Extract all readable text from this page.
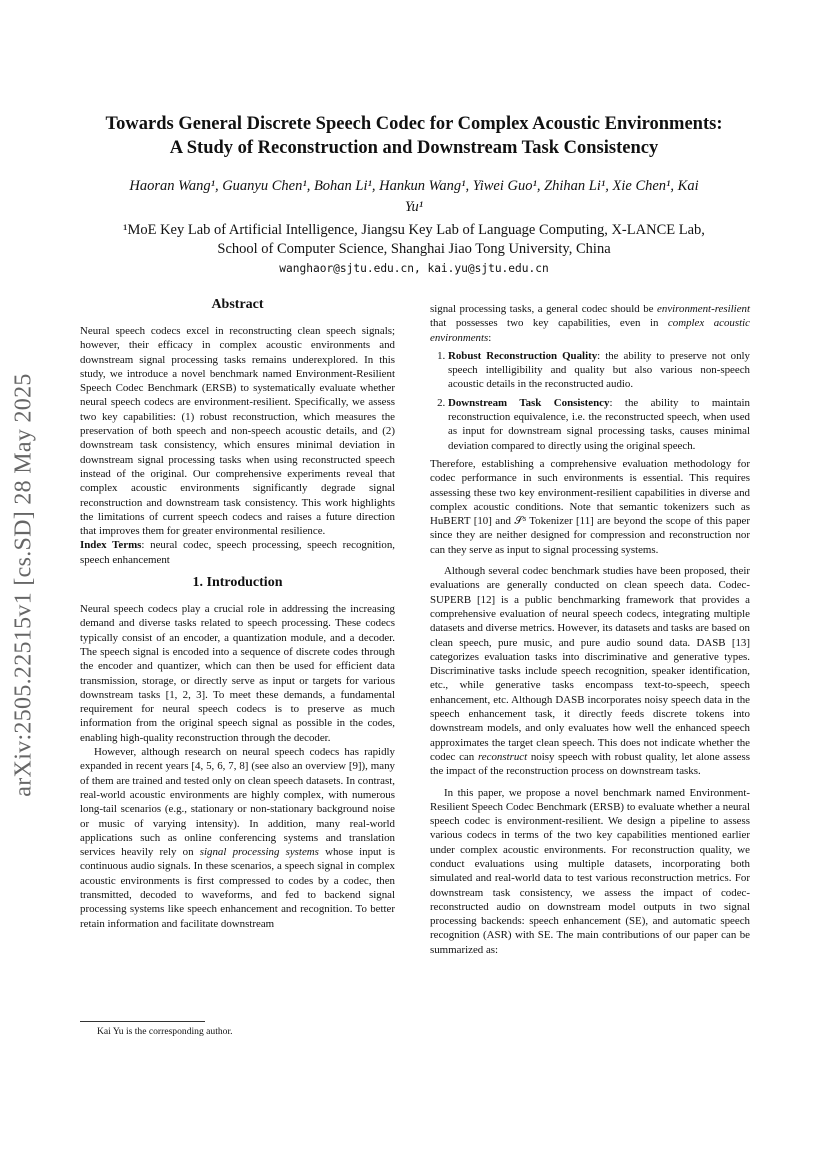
arXiv:2505.22515v1 [cs.SD] 28 May 2025
Towards General Discrete Speech Codec for Complex Acoustic Environments:
A Study of Reconstruction and Downstream Task Consistency
Haoran Wang¹, Guanyu Chen¹, Bohan Li¹, Hankun Wang¹, Yiwei Guo¹, Zhihan Li¹, Xie Chen¹, Kai
Yu¹
¹MoE Key Lab of Artificial Intelligence, Jiangsu Key Lab of Language Computing, X-LANCE Lab,
School of Computer Science, Shanghai Jiao Tong University, China
wanghaor@sjtu.edu.cn, kai.yu@sjtu.edu.cn
Abstract

Neural speech codecs excel in reconstructing clean speech signals; however, their efficacy in complex acoustic environments and downstream signal processing tasks remains underexplored. In this study, we introduce a novel benchmark named Environment-Resilient Speech Codec Benchmark (ERSB) to systematically evaluate whether neural speech codecs are environment-resilient. Specifically, we assess two key capabilities: (1) robust reconstruction, which measures the preservation of both speech and non-speech acoustic details, and (2) downstream task consistency, which ensures minimal deviation in downstream signal processing tasks when using reconstructed speech instead of the original. Our comprehensive experiments reveal that complex acoustic environments significantly degrade signal reconstruction and downstream task consistency. This work highlights the limitations of current speech codecs and raises a future direction that improves them for greater environmental resilience.

Index Terms: neural codec, speech processing, speech recognition, speech enhancement

1. Introduction

Neural speech codecs play a crucial role in addressing the increasing demand and diverse tasks related to speech processing. These codecs typically consist of an encoder, a quantization module, and a decoder. The speech signal is encoded into a sequence of discrete codes through the encoder and quantizer, which can then be used for efficient data transmission, storage, or directly serve as input or targets for various downstream tasks [1, 2, 3]. To meet these demands, a fundamental requirement for neural speech codecs is to preserve as much information from the original speech signal as possible in the codes, enabling high-quality reconstruction through the decoder.

However, although research on neural speech codecs has rapidly expanded in recent years [4, 5, 6, 7, 8] (see also an overview [9]), many of them are trained and tested only on clean speech datasets. In contrast, real-world acoustic environments are highly complex, with numerous long-tail scenarios (e.g., stationary or non-stationary background noise or music of varying intensity). In addition, many real-world applications such as online conferencing systems and translation services heavily rely on signal processing systems whose input is continuous audio signals. In these scenarios, a speech signal in complex acoustic environments is first compressed to codes by a codec, then transmitted, decoded to waveforms, and fed to backend signal processing systems like speech enhancement and recognition. To better retain information and facilitate downstream

signal processing tasks, a general codec should be environment-resilient that possesses two key capabilities, even in complex acoustic environments:

1. Robust Reconstruction Quality: the ability to preserve not only speech intelligibility and quality but also various non-speech acoustic details in the reconstructed audio.
2. Downstream Task Consistency: the ability to maintain reconstruction equivalence, i.e. the reconstructed speech, when used as input for downstream signal processing tasks, causes minimal deviation compared to directly using the original speech.

Therefore, establishing a comprehensive evaluation methodology for codec performance in such environments is essential. This requires assessing these two key environment-resilient capabilities in diverse and complex acoustic conditions. Note that semantic tokenizers such as HuBERT [10] and 𝒮³ Tokenizer [11] are beyond the scope of this paper since they are neither designed for compression and reconstruction nor can they serve as input to signal processing systems.

Although several codec benchmark studies have been proposed, their evaluations are generally conducted on clean speech data. Codec-SUPERB [12] is a public benchmarking framework that provides a comprehensive evaluation of neural speech codecs, integrating multiple datasets and diverse metrics. However, its datasets and tasks are based on clean speech, pure music, and pure audio sound data. DASB [13] categorizes evaluation tasks into discriminative and generative types. Discriminative tasks include speech recognition, speaker identification, etc., while generative tasks encompass text-to-speech, speech enhancement, etc. Although DASB incorporates noisy speech data in the speech enhancement task, it directly feeds discrete tokens into downstream models, and only evaluates how well the enhanced speech approximates the target clean speech. This does not indicate whether the codec can reconstruct noisy speech with robust quality, let alone assess the impact of the reconstruction process on downstream tasks.

In this paper, we propose a novel benchmark named Environment-Resilient Speech Codec Benchmark (ERSB) to evaluate whether a neural speech codec is environment-resilient. We design a pipeline to assess various codecs in terms of the two key capabilities mentioned earlier under complex acoustic environments. For reconstruction quality, we conduct evaluations using multiple datasets, incorporating both simulated and real-world data to test various reconstruction metrics. For downstream task consistency, we assess the impact of codec-reconstructed audio on downstream model outputs in two signal processing backends: speech enhancement (SE), and automatic speech recognition (ASR) with SE. The main contributions of our paper can be summarized as:

Kai Yu is the corresponding author.
